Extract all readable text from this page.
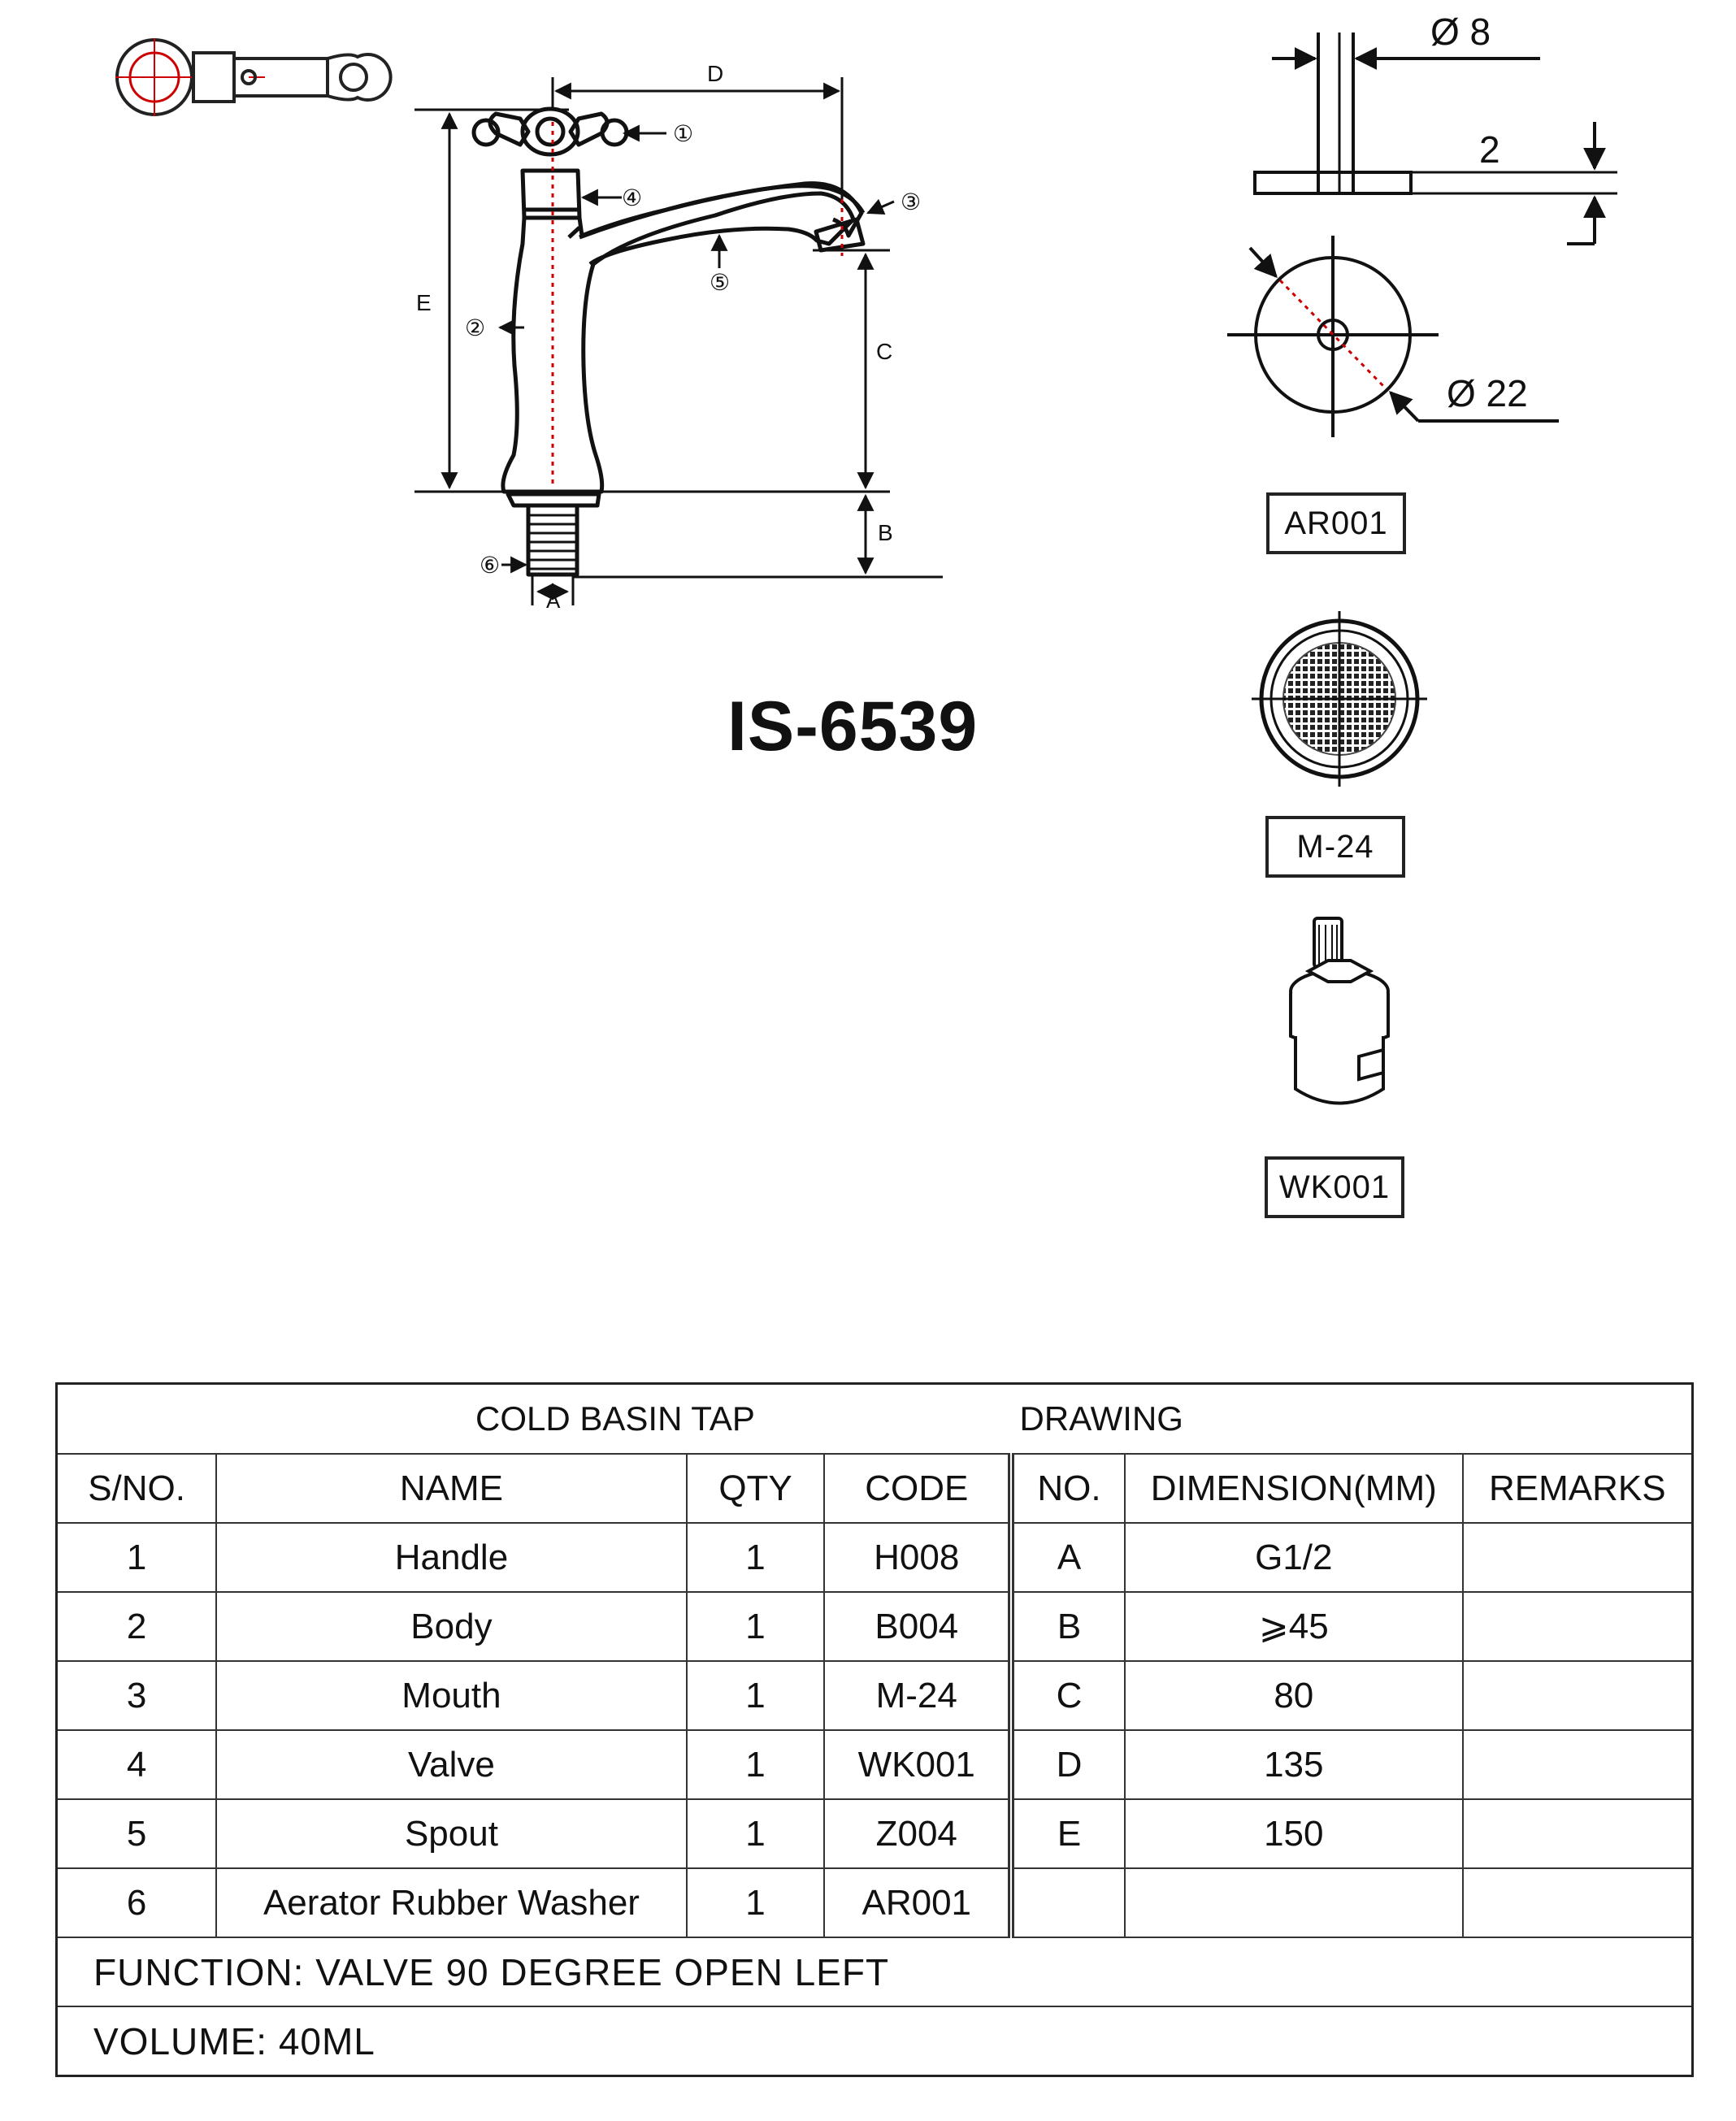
D
E
C
B
A
①
②
③
④
⑤
⑥
Ø 8
2
Ø 22
IS-6539
AR001
M-24
WK001
COLD BASIN TAP DRAWING						
S/NO.	NAME	QTY	CODE	NO.	DIMENSION(MM)	REMARKS
1	Handle	1	H008	A	G1/2	
2	Body	1	B004	B	⩾45	
3	Mouth	1	M-24	C	80	
4	Valve	1	WK001	D	135	
5	Spout	1	Z004	E	150	
6	Aerator Rubber Washer	1	AR001			
FUNCTION: VALVE 90 DEGREE OPEN LEFT						
VOLUME: 40ML						
